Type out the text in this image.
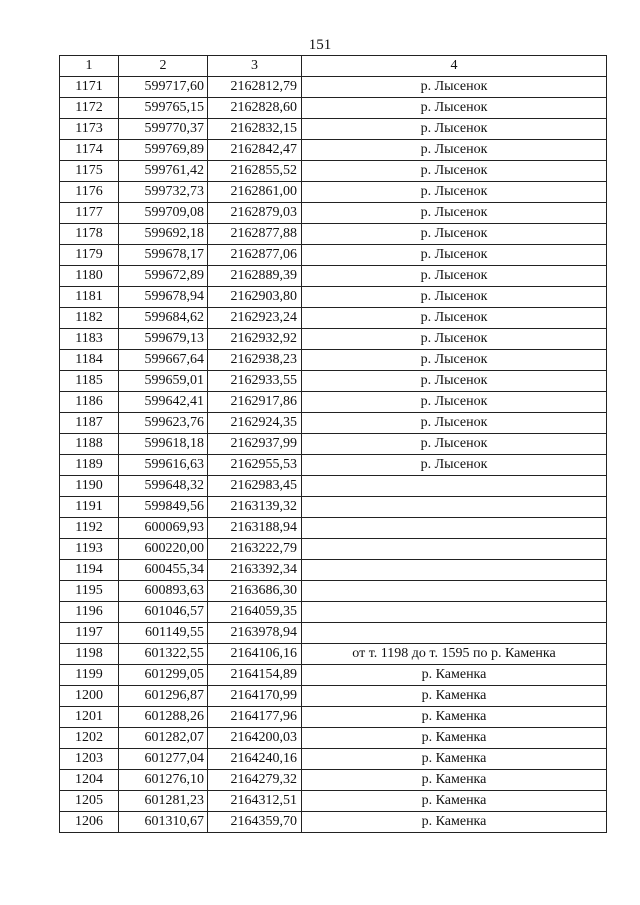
151
1	2	3	4
1171	599717,60	2162812,79	р. Лысенок
1172	599765,15	2162828,60	р. Лысенок
1173	599770,37	2162832,15	р. Лысенок
1174	599769,89	2162842,47	р. Лысенок
1175	599761,42	2162855,52	р. Лысенок
1176	599732,73	2162861,00	р. Лысенок
1177	599709,08	2162879,03	р. Лысенок
1178	599692,18	2162877,88	р. Лысенок
1179	599678,17	2162877,06	р. Лысенок
1180	599672,89	2162889,39	р. Лысенок
1181	599678,94	2162903,80	р. Лысенок
1182	599684,62	2162923,24	р. Лысенок
1183	599679,13	2162932,92	р. Лысенок
1184	599667,64	2162938,23	р. Лысенок
1185	599659,01	2162933,55	р. Лысенок
1186	599642,41	2162917,86	р. Лысенок
1187	599623,76	2162924,35	р. Лысенок
1188	599618,18	2162937,99	р. Лысенок
1189	599616,63	2162955,53	р. Лысенок
1190	599648,32	2162983,45	
1191	599849,56	2163139,32	
1192	600069,93	2163188,94	
1193	600220,00	2163222,79	
1194	600455,34	2163392,34	
1195	600893,63	2163686,30	
1196	601046,57	2164059,35	
1197	601149,55	2163978,94	
1198	601322,55	2164106,16	от т. 1198 до т. 1595 по р. Каменка
1199	601299,05	2164154,89	р. Каменка
1200	601296,87	2164170,99	р. Каменка
1201	601288,26	2164177,96	р. Каменка
1202	601282,07	2164200,03	р. Каменка
1203	601277,04	2164240,16	р. Каменка
1204	601276,10	2164279,32	р. Каменка
1205	601281,23	2164312,51	р. Каменка
1206	601310,67	2164359,70	р. Каменка
